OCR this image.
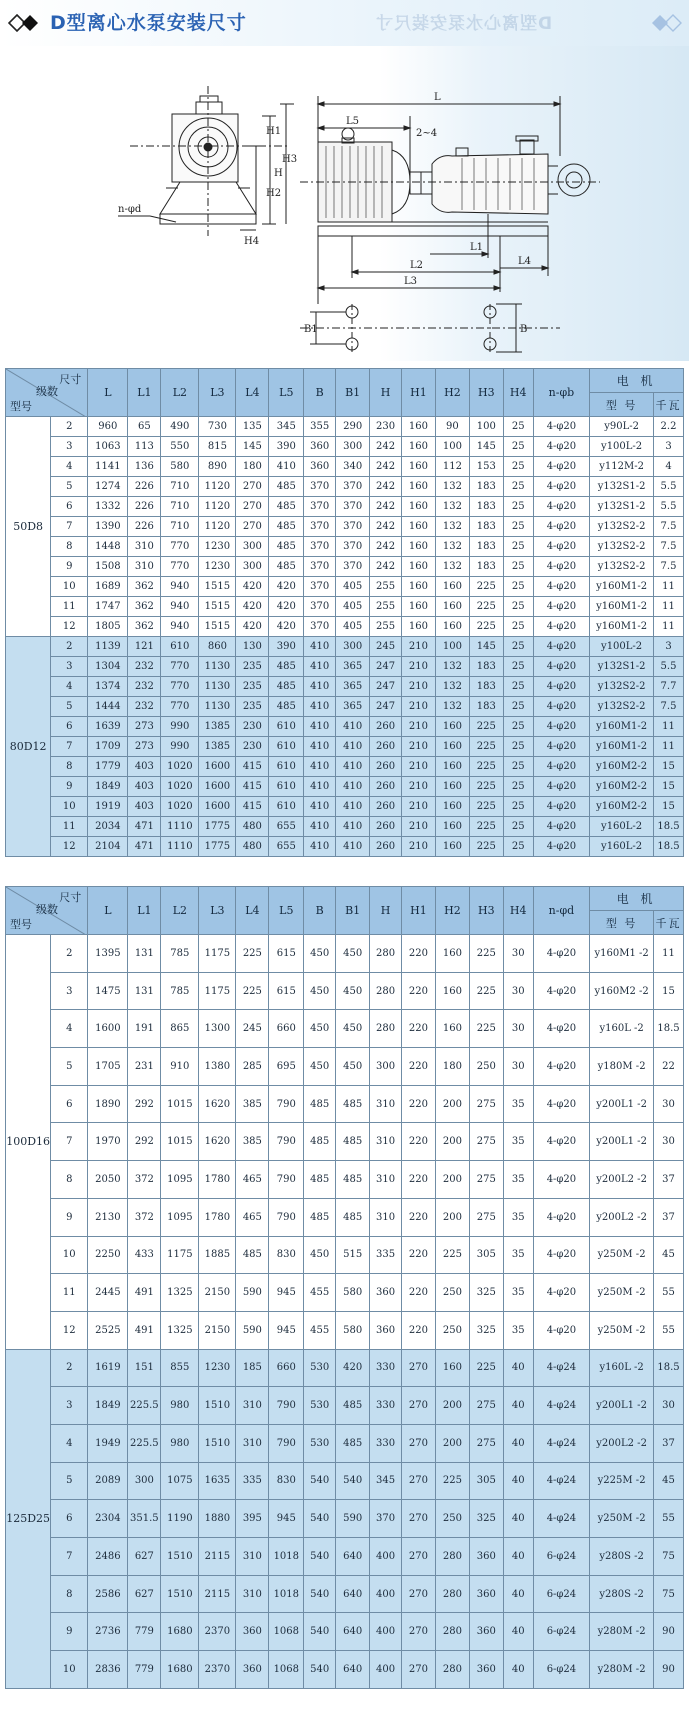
D型离心水泵安装尺寸	D型离心水泵安装尺寸
L
L5
2~4
L1
L2	L4
L3
H
H1
H2
H3
H4
B
B1
n-φd
尺寸
级数
型号		L	L1	L2	L3	L4	L5	B	B1	H	H1	H2	H3	H4	n-φb	电 机	
																型 号	千瓦
50D8	2	960	65	490	730	135	345	355	290	230	160	90	100	25	4-φ20	y90L-2	2.2
	3	1063	113	550	815	145	390	360	300	242	160	100	145	25	4-φ20	y100L-2	3
	4	1141	136	580	890	180	410	360	340	242	160	112	153	25	4-φ20	y112M-2	4
	5	1274	226	710	1120	270	485	370	370	242	160	132	183	25	4-φ20	y132S1-2	5.5
	6	1332	226	710	1120	270	485	370	370	242	160	132	183	25	4-φ20	y132S1-2	5.5
	7	1390	226	710	1120	270	485	370	370	242	160	132	183	25	4-φ20	y132S2-2	7.5
	8	1448	310	770	1230	300	485	370	370	242	160	132	183	25	4-φ20	y132S2-2	7.5
	9	1508	310	770	1230	300	485	370	370	242	160	132	183	25	4-φ20	y132S2-2	7.5
	10	1689	362	940	1515	420	420	370	405	255	160	160	225	25	4-φ20	y160M1-2	11
	11	1747	362	940	1515	420	420	370	405	255	160	160	225	25	4-φ20	y160M1-2	11
	12	1805	362	940	1515	420	420	370	405	255	160	160	225	25	4-φ20	y160M1-2	11
80D12	2	1139	121	610	860	130	390	410	300	245	210	100	145	25	4-φ20	y100L-2	3
	3	1304	232	770	1130	235	485	410	365	247	210	132	183	25	4-φ20	y132S1-2	5.5
	4	1374	232	770	1130	235	485	410	365	247	210	132	183	25	4-φ20	y132S2-2	7.7
	5	1444	232	770	1130	235	485	410	365	247	210	132	183	25	4-φ20	y132S2-2	7.5
	6	1639	273	990	1385	230	610	410	410	260	210	160	225	25	4-φ20	y160M1-2	11
	7	1709	273	990	1385	230	610	410	410	260	210	160	225	25	4-φ20	y160M1-2	11
	8	1779	403	1020	1600	415	610	410	410	260	210	160	225	25	4-φ20	y160M2-2	15
	9	1849	403	1020	1600	415	610	410	410	260	210	160	225	25	4-φ20	y160M2-2	15
	10	1919	403	1020	1600	415	610	410	410	260	210	160	225	25	4-φ20	y160M2-2	15
	11	2034	471	1110	1775	480	655	410	410	260	210	160	225	25	4-φ20	y160L-2	18.5
	12	2104	471	1110	1775	480	655	410	410	260	210	160	225	25	4-φ20	y160L-2	18.5
尺寸
级数
型号		L	L1	L2	L3	L4	L5	B	B1	H	H1	H2	H3	H4	n-φd	电 机	
																型 号	千瓦
100D16	2	1395	131	785	1175	225	615	450	450	280	220	160	225	30	4-φ20	y160M1 -2	11
	3	1475	131	785	1175	225	615	450	450	280	220	160	225	30	4-φ20	y160M2 -2	15
	4	1600	191	865	1300	245	660	450	450	280	220	160	225	30	4-φ20	y160L -2	18.5
	5	1705	231	910	1380	285	695	450	450	300	220	180	250	30	4-φ20	y180M -2	22
	6	1890	292	1015	1620	385	790	485	485	310	220	200	275	35	4-φ20	y200L1 -2	30
	7	1970	292	1015	1620	385	790	485	485	310	220	200	275	35	4-φ20	y200L1 -2	30
	8	2050	372	1095	1780	465	790	485	485	310	220	200	275	35	4-φ20	y200L2 -2	37
	9	2130	372	1095	1780	465	790	485	485	310	220	200	275	35	4-φ20	y200L2 -2	37
	10	2250	433	1175	1885	485	830	450	515	335	220	225	305	35	4-φ20	y250M -2	45
	11	2445	491	1325	2150	590	945	455	580	360	220	250	325	35	4-φ20	y250M -2	55
	12	2525	491	1325	2150	590	945	455	580	360	220	250	325	35	4-φ20	y250M -2	55
125D25	2	1619	151	855	1230	185	660	530	420	330	270	160	225	40	4-φ24	y160L -2	18.5
	3	1849	225.5	980	1510	310	790	530	485	330	270	200	275	40	4-φ24	y200L1 -2	30
	4	1949	225.5	980	1510	310	790	530	485	330	270	200	275	40	4-φ24	y200L2 -2	37
	5	2089	300	1075	1635	335	830	540	540	345	270	225	305	40	4-φ24	y225M -2	45
	6	2304	351.5	1190	1880	395	945	540	590	370	270	250	325	40	4-φ24	y250M -2	55
	7	2486	627	1510	2115	310	1018	540	640	400	270	280	360	40	6-φ24	y280S -2	75
	8	2586	627	1510	2115	310	1018	540	640	400	270	280	360	40	6-φ24	y280S -2	75
	9	2736	779	1680	2370	360	1068	540	640	400	270	280	360	40	6-φ24	y280M -2	90
	10	2836	779	1680	2370	360	1068	540	640	400	270	280	360	40	6-φ24	y280M -2	90
